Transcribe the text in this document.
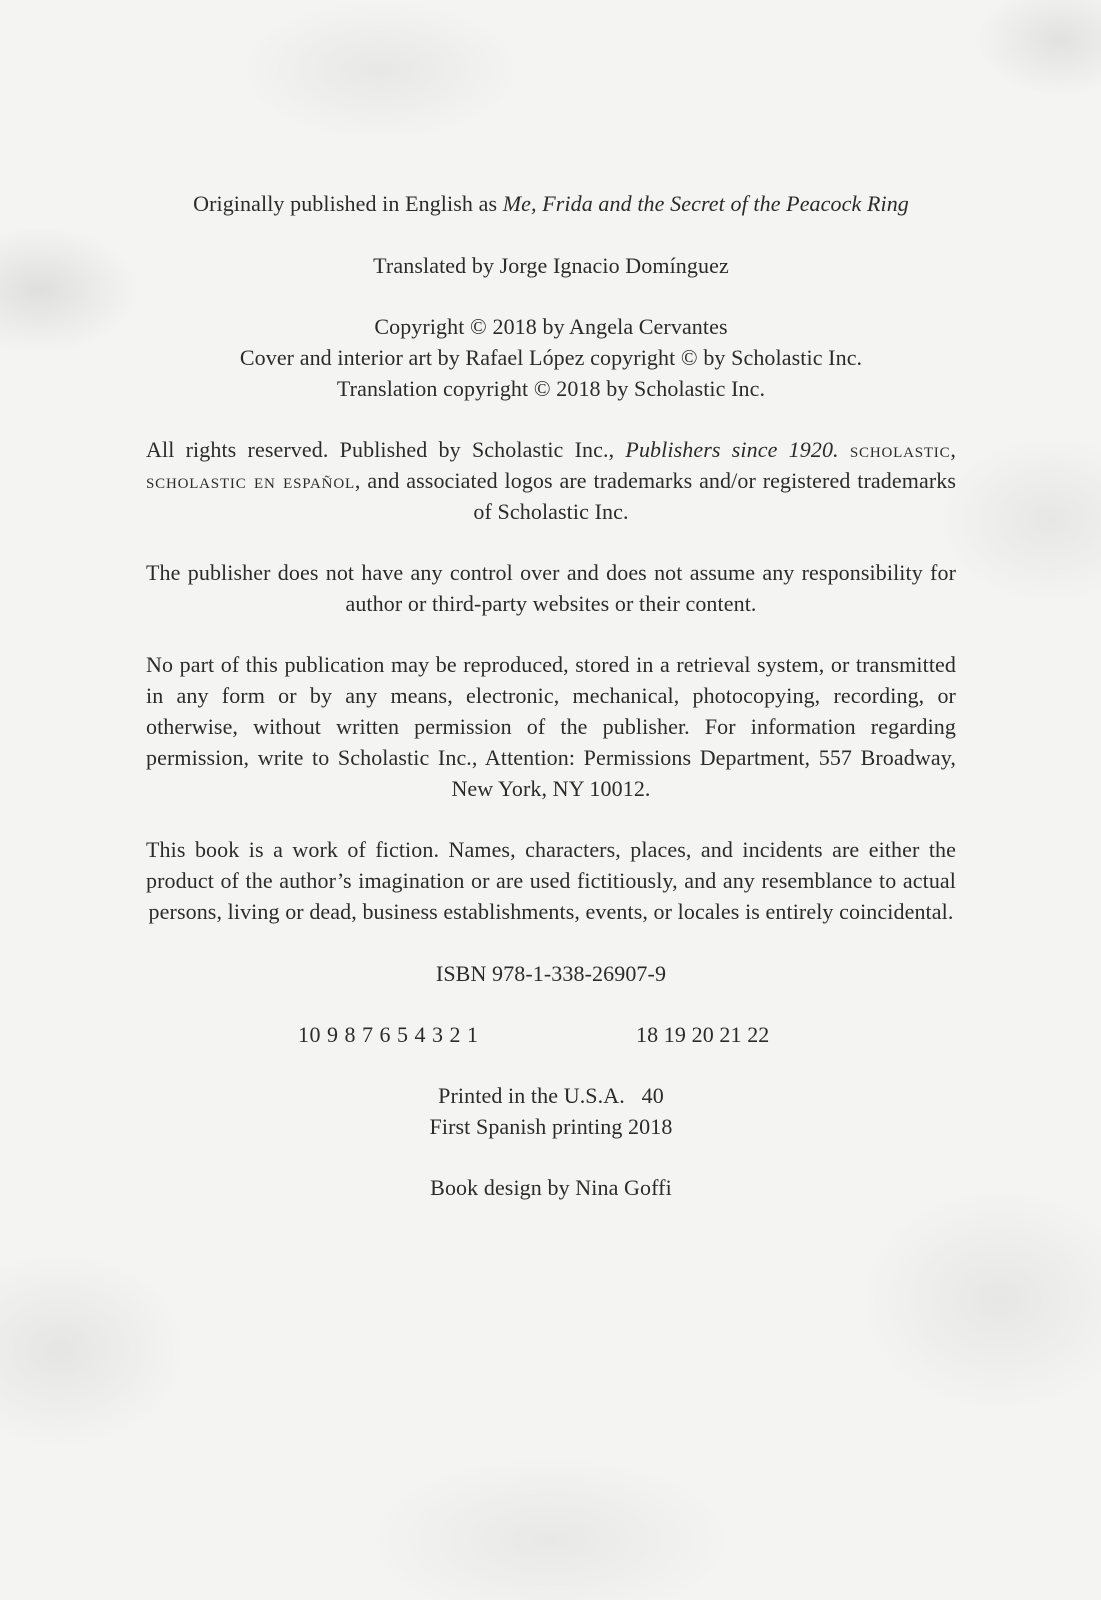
Originally published in English as Me, Frida and the Secret of the Peacock Ring

Translated by Jorge Ignacio Domínguez

Copyright © 2018 by Angela Cervantes
Cover and interior art by Rafael López copyright © by Scholastic Inc.
Translation copyright © 2018 by Scholastic Inc.

All rights reserved. Published by Scholastic Inc., Publishers since 1920. scholastic, scholastic en español, and associated logos are trademarks and/or registered trademarks of Scholastic Inc.

The publisher does not have any control over and does not assume any responsibility for author or third-party websites or their content.

No part of this publication may be reproduced, stored in a retrieval system, or transmitted in any form or by any means, electronic, mechanical, photocopying, recording, or otherwise, without written permission of the publisher. For information regarding permission, write to Scholastic Inc., Attention: Permissions Department, 557 Broadway, New York, NY 10012.

This book is a work of fiction. Names, characters, places, and incidents are either the product of the author’s imagination or are used fictitiously, and any resemblance to actual persons, living or dead, business establishments, events, or locales is entirely coincidental.

ISBN 978-1-338-26907-9

10 9 8 7 6 5 4 3 2 1	18 19 20 21 22
Printed in the U.S.A.   40
First Spanish printing 2018

Book design by Nina Goffi
